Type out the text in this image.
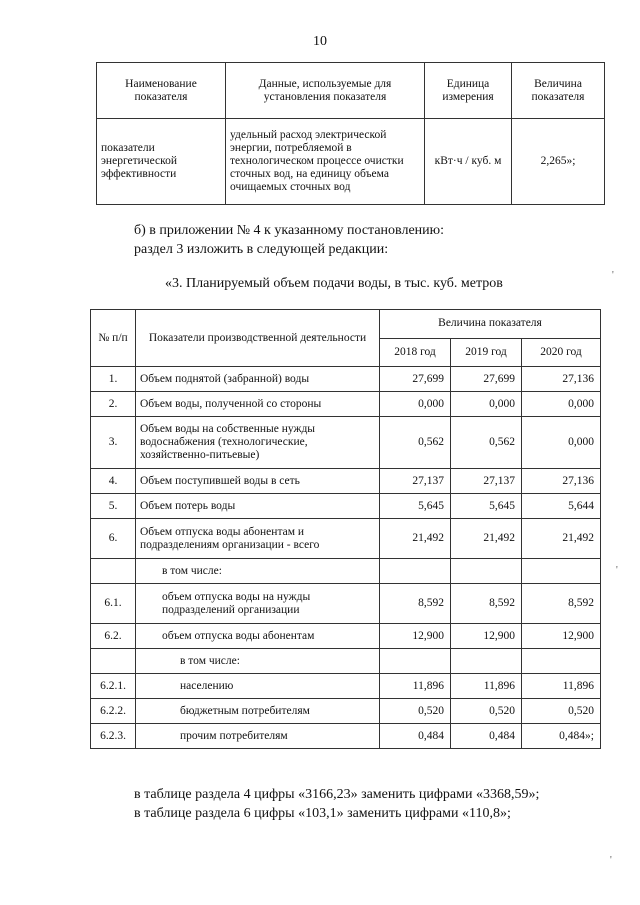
10
Наименование показателя	Данные, используемые для установления показателя	Единица измерения	Величина показателя
показатели энергетической эффективности	удельный расход электрической энергии, потребляемой в технологическом процессе очистки сточных вод, на единицу объема очищаемых сточных вод	кВт·ч / куб. м	2,265»;
б) в приложении № 4 к указанному постановлению:
раздел 3 изложить в следующей редакции:
«3. Планируемый объем подачи воды, в тыс. куб. метров
№ п/п	Показатели производственной деятельности	Величина показателя		
		2018 год	2019 год	2020 год
1.	Объем поднятой (забранной) воды	27,699	27,699	27,136
2.	Объем воды, полученной со стороны	0,000	0,000	0,000
3.	Объем воды на собственные нужды водоснабжения (технологические, хозяйственно-питьевые)	0,562	0,562	0,000
4.	Объем поступившей воды в сеть	27,137	27,137	27,136
5.	Объем потерь воды	5,645	5,645	5,644
6.	Объем отпуска воды абонентам и подразделениям организации - всего	21,492	21,492	21,492
	в том числе:			
6.1.	объем отпуска воды на нужды подразделений организации	8,592	8,592	8,592
6.2.	объем отпуска воды абонентам	12,900	12,900	12,900
	в том числе:			
6.2.1.	населению	11,896	11,896	11,896
6.2.2.	бюджетным потребителям	0,520	0,520	0,520
6.2.3.	прочим потребителям	0,484	0,484	0,484»;
в таблице раздела 4 цифры «3166,23» заменить цифрами «3368,59»;
в таблице раздела 6 цифры «103,1» заменить цифрами «110,8»;
'
'
'
